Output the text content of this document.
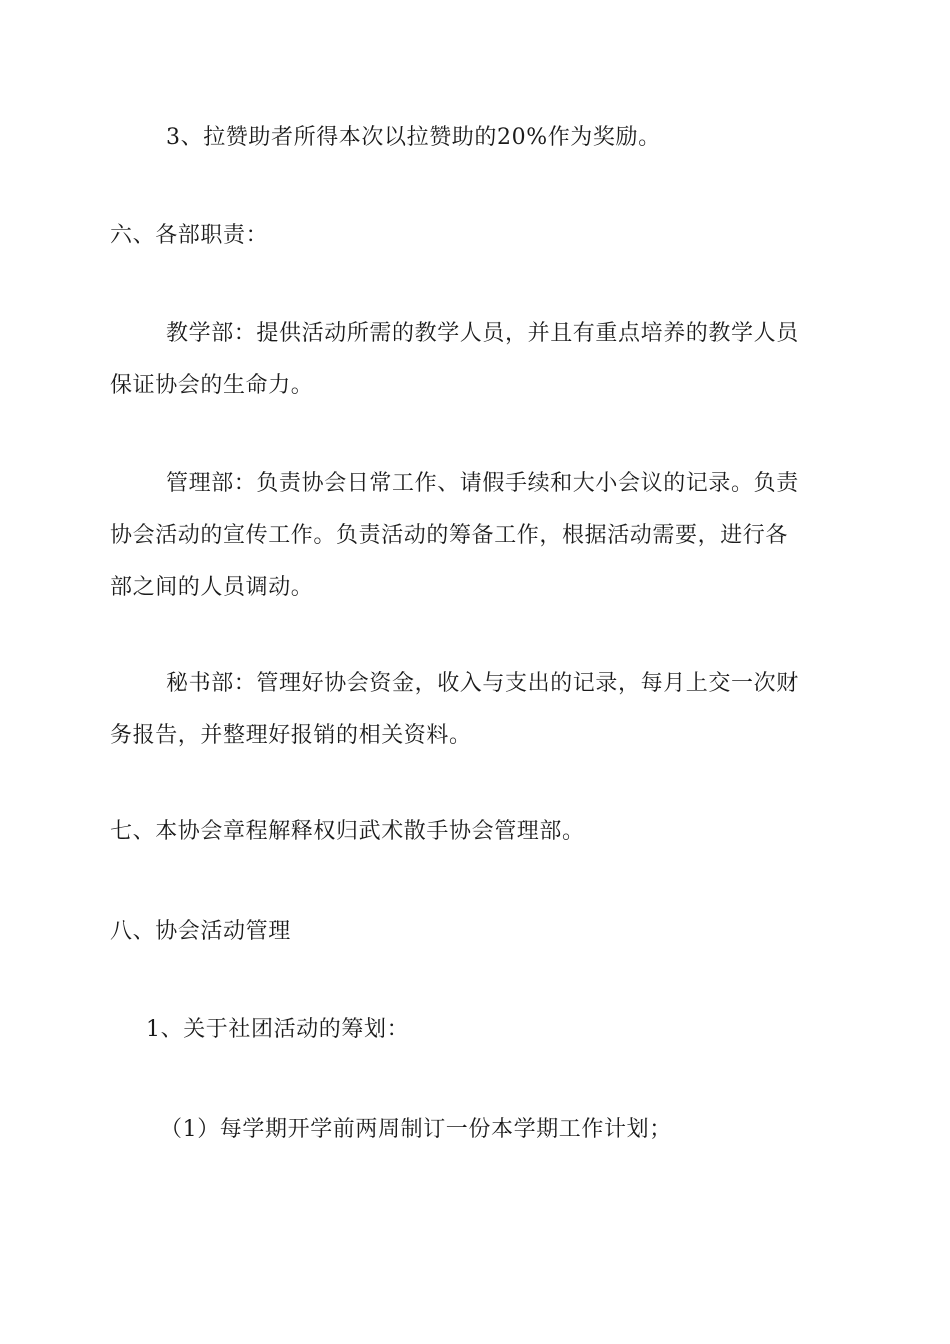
3、拉赞助者所得本次以拉赞助的20%作为奖励。

六、各部职责：

教学部：提供活动所需的教学人员，并且有重点培养的教学人员保证协会的生命力。

管理部：负责协会日常工作、请假手续和大小会议的记录。负责协会活动的宣传工作。负责活动的筹备工作，根据活动需要，进行各部之间的人员调动。

秘书部：管理好协会资金，收入与支出的记录，每月上交一次财务报告，并整理好报销的相关资料。

七、本协会章程解释权归武术散手协会管理部。

八、协会活动管理

1、关于社团活动的筹划：

（1）每学期开学前两周制订一份本学期工作计划；
